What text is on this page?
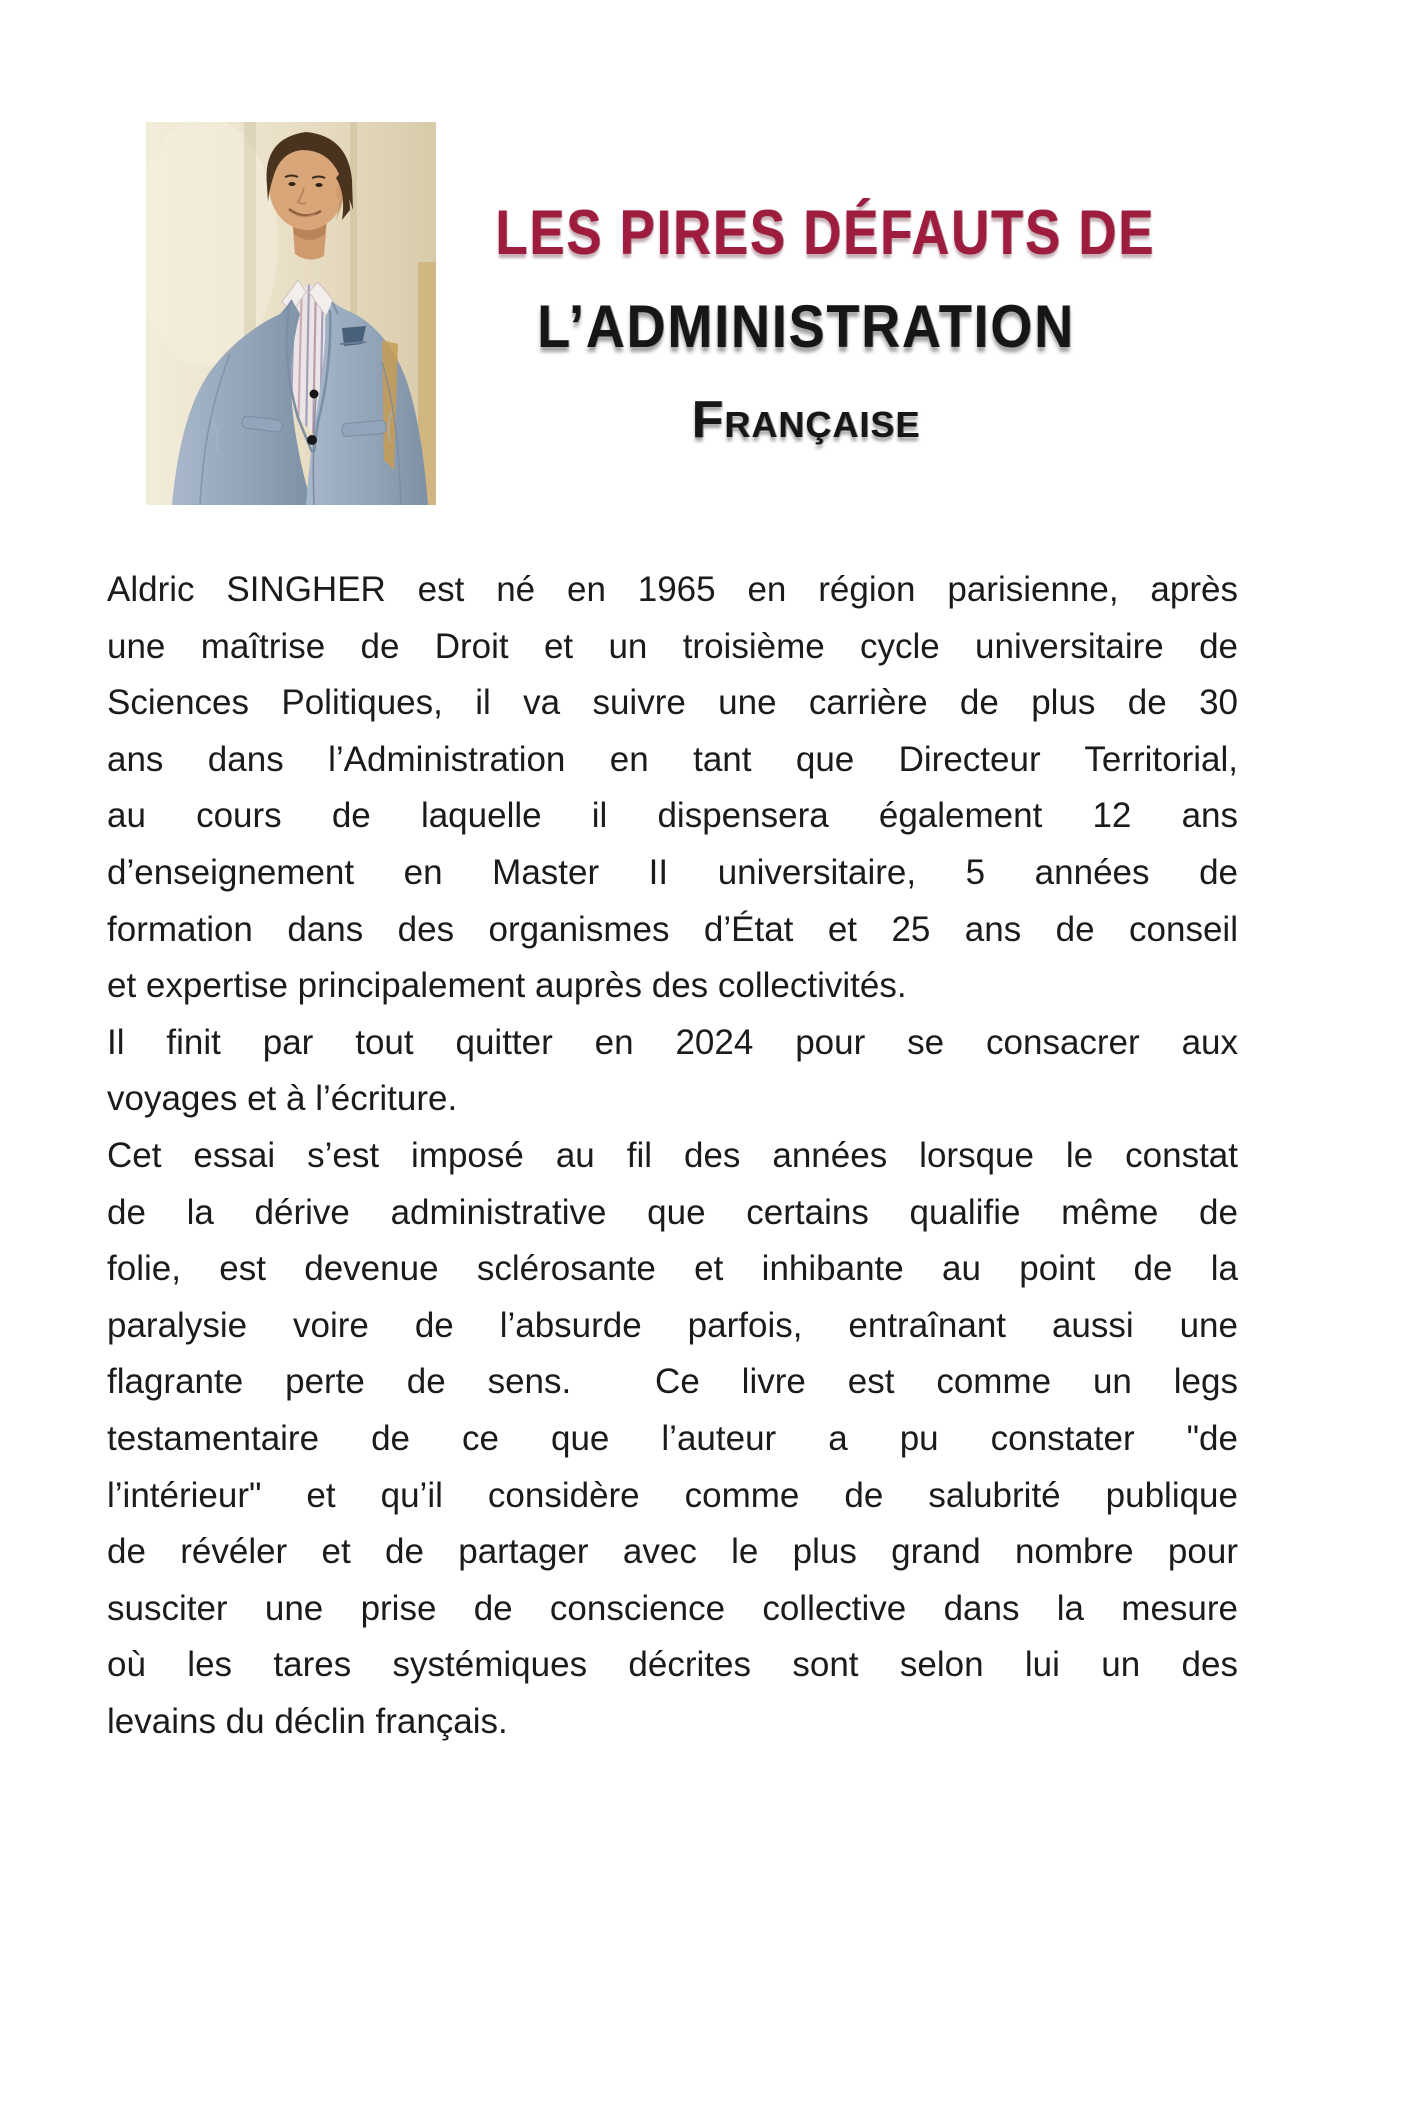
LES PIRES DÉFAUTS DE
L’ADMINISTRATION
Française
Aldric SINGHER est né en 1965 en région parisienne, après
une maîtrise de Droit et un troisième cycle universitaire de
Sciences Politiques, il va suivre une carrière de plus de 30
ans dans l’Administration en tant que Directeur Territorial,
au cours de laquelle il dispensera également 12 ans
d’enseignement en Master II universitaire, 5 années de
formation dans des organismes d’État et 25 ans de conseil
et expertise principalement auprès des collectivités.
Il finit par tout quitter en 2024 pour se consacrer aux
voyages et à l’écriture.
Cet essai s’est imposé au fil des années lorsque le constat
de la dérive administrative que certains qualifie même de
folie, est devenue sclérosante et inhibante au point de la
paralysie voire de l’absurde parfois, entraînant aussi une
flagrante perte de sens.  Ce livre est comme un legs
testamentaire de ce que l’auteur a pu constater "de
l’intérieur" et qu’il considère comme de salubrité publique
de révéler et de partager avec le plus grand nombre pour
susciter une prise de conscience collective dans la mesure
où les tares systémiques décrites sont selon lui un des
levains du déclin français.
